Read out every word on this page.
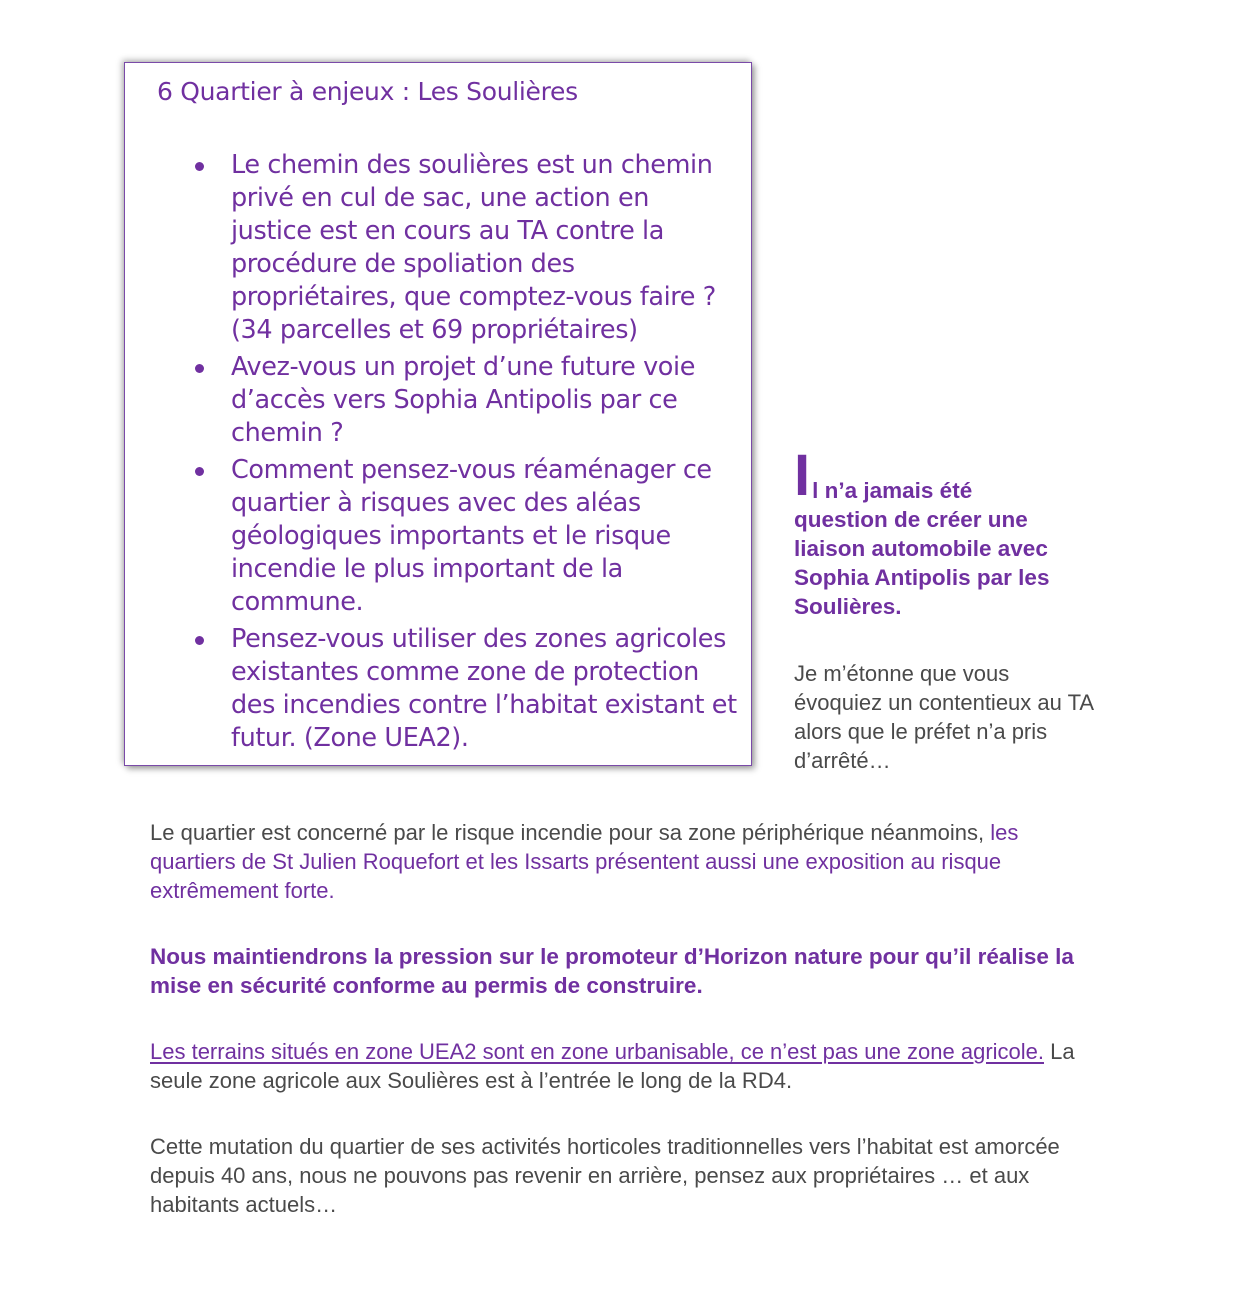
6 Quartier à enjeux : Les Soulières
Le chemin des soulières est un chemin privé en cul de sac, une action en justice est en cours au TA contre la procédure de spoliation des propriétaires, que comptez-vous faire ? (34 parcelles et 69 propriétaires)
Avez-vous un projet d’une future voie d’accès vers Sophia Antipolis par ce chemin ?
Comment pensez-vous réaménager ce quartier à risques avec des aléas géologiques importants et le risque incendie le plus important de la commune.
Pensez-vous utiliser des zones agricoles existantes comme zone de protection des incendies contre l’habitat existant et futur. (Zone UEA2).

I l n’a jamais été
question de créer une liaison automobile avec Sophia Antipolis par les Soulières.

Je m’étonne que vous évoquiez un contentieux au TA alors que le préfet n’a pris d’arrêté…

Le quartier est concerné par le risque incendie pour sa zone périphérique néanmoins, les quartiers de St Julien Roquefort et les Issarts présentent aussi une exposition au risque extrêmement forte.

Nous maintiendrons la pression sur le promoteur d’Horizon nature pour qu’il réalise la mise en sécurité conforme au permis de construire.

Les terrains situés en zone UEA2 sont en zone urbanisable, ce n’est pas une zone agricole. La seule zone agricole aux Soulières est à l’entrée le long de la RD4.

Cette mutation du quartier de ses activités horticoles traditionnelles vers l’habitat est amorcée depuis 40 ans, nous ne pouvons pas revenir en arrière, pensez aux propriétaires … et aux habitants actuels…
